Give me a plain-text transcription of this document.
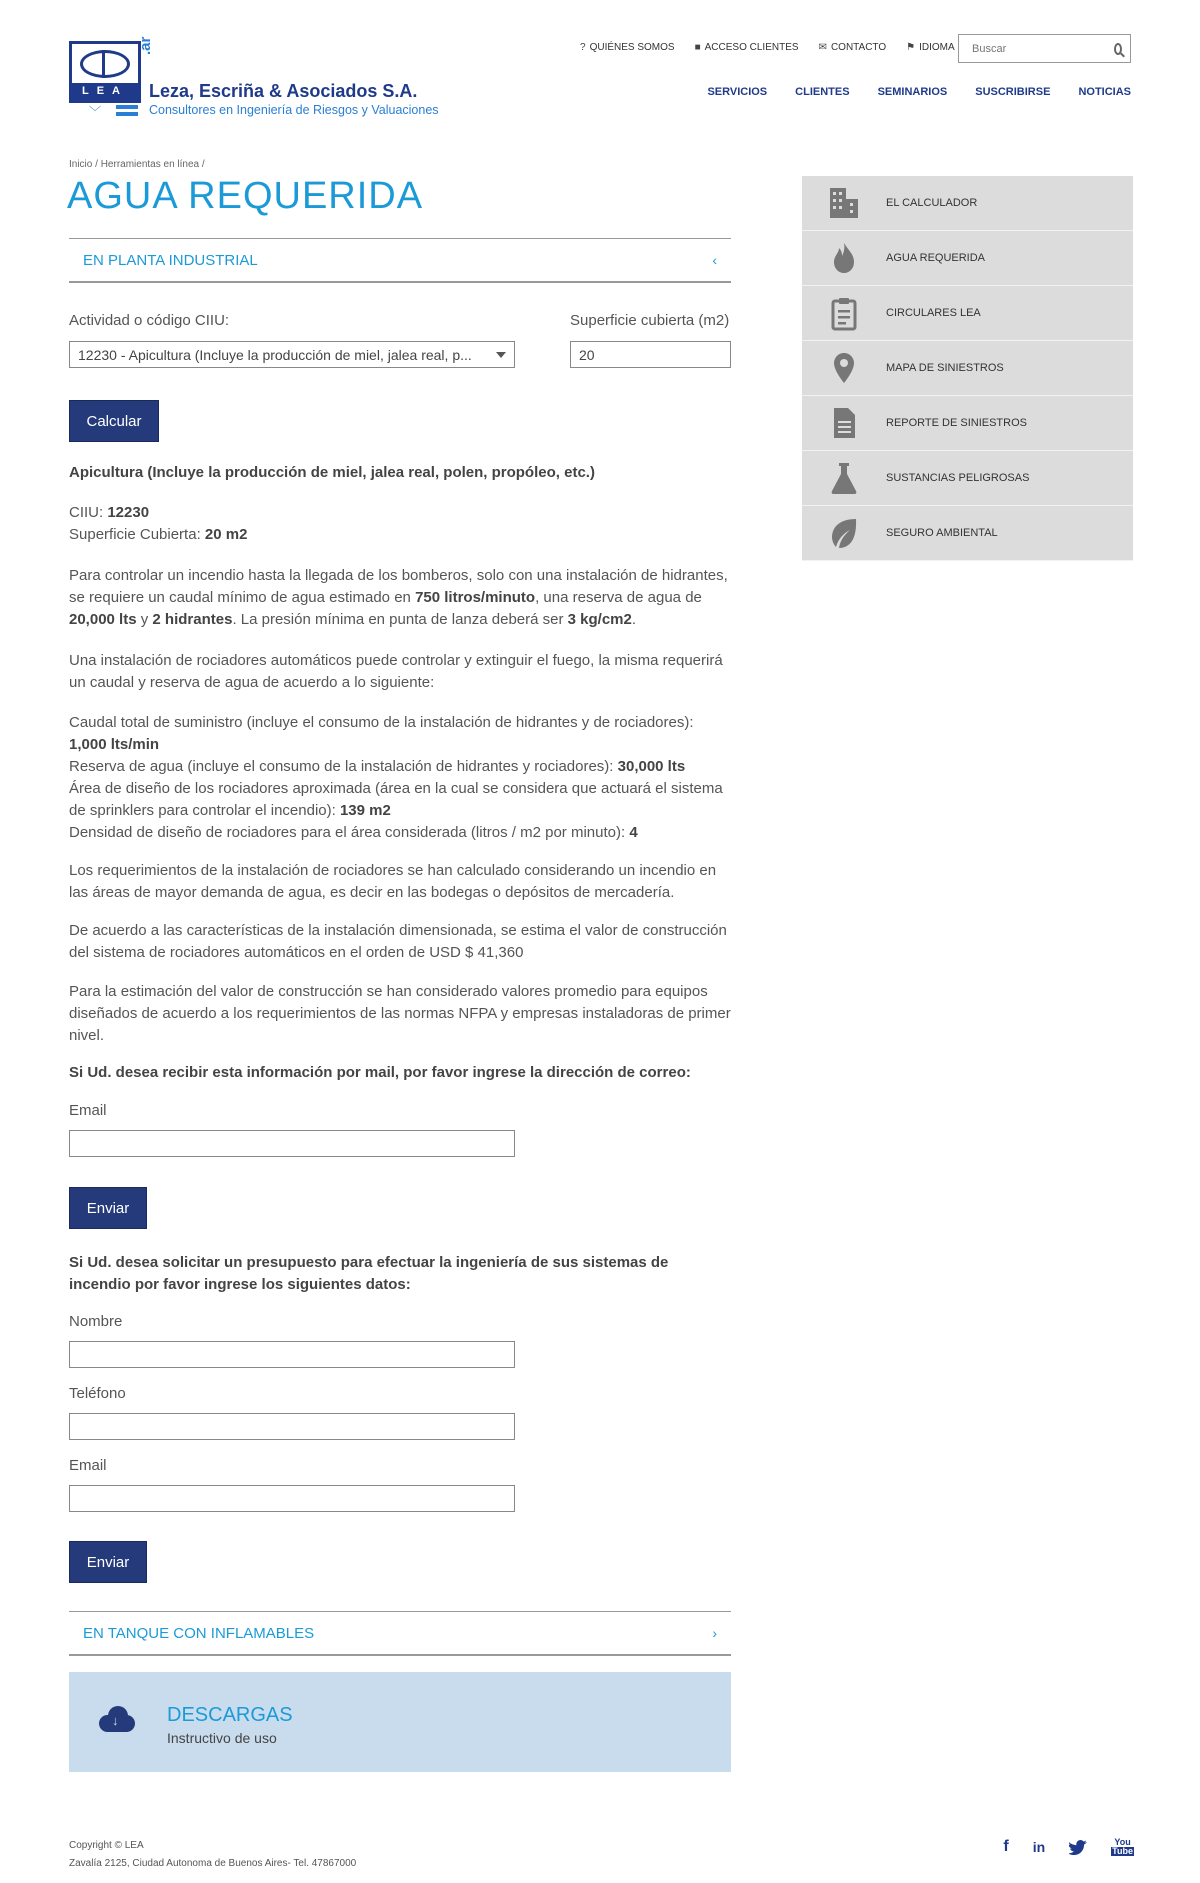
LEA
.ar
﹀
Leza, Escriña & Asociados S.A.
Consultores en Ingeniería de Riesgos y Valuaciones
? QUIÉNES SOMOS ■ ACCESO CLIENTES ✉ CONTACTO ⚑ IDIOMA
Buscar
SERVICIOS	CLIENTES	SEMINARIOS	SUSCRIBIRSE	NOTICIAS
Inicio / Herramientas en línea /
AGUA REQUERIDA
EN PLANTA INDUSTRIAL	‹
Actividad o código CIIU:
12230 - Apicultura (Incluye la producción de miel, jalea real, p...
Superficie cubierta (m2)
20
Calcular
Apicultura (Incluye la producción de miel, jalea real, polen, propóleo, etc.)
CIIU: 12230
Superficie Cubierta: 20 m2
Para controlar un incendio hasta la llegada de los bomberos, solo con una instalación de hidrantes, se requiere un caudal mínimo de agua estimado en 750 litros/minuto, una reserva de agua de 20,000 lts y 2 hidrantes. La presión mínima en punta de lanza deberá ser 3 kg/cm2.
Una instalación de rociadores automáticos puede controlar y extinguir el fuego, la misma requerirá un caudal y reserva de agua de acuerdo a lo siguiente:
Caudal total de suministro (incluye el consumo de la instalación de hidrantes y de rociadores): 1,000 lts/min
Reserva de agua (incluye el consumo de la instalación de hidrantes y rociadores): 30,000 lts
Área de diseño de los rociadores aproximada (área en la cual se considera que actuará el sistema de sprinklers para controlar el incendio): 139 m2
Densidad de diseño de rociadores para el área considerada (litros / m2 por minuto): 4
Los requerimientos de la instalación de rociadores se han calculado considerando un incendio en las áreas de mayor demanda de agua, es decir en las bodegas o depósitos de mercadería.
De acuerdo a las características de la instalación dimensionada, se estima el valor de construcción del sistema de rociadores automáticos en el orden de USD $ 41,360
Para la estimación del valor de construcción se han considerado valores promedio para equipos diseñados de acuerdo a los requerimientos de las normas NFPA y empresas instaladoras de primer nivel.
Si Ud. desea recibir esta información por mail, por favor ingrese la dirección de correo:
Email
Enviar
Si Ud. desea solicitar un presupuesto para efectuar la ingeniería de sus sistemas de incendio por favor ingrese los siguientes datos:
Nombre
Teléfono
Email
Enviar
EN TANQUE CON INFLAMABLES	›
↓ DESCARGAS
Instructivo de uso
EL CALCULADOR
AGUA REQUERIDA
CIRCULARES LEA
MAPA DE SINIESTROS
REPORTE DE SINIESTROS
SUSTANCIAS PELIGROSAS
SEGURO AMBIENTAL
Copyright © LEA
Zavalía 2125, Ciudad Autonoma de Buenos Aires- Tel. 47867000
f in	You
Tube
